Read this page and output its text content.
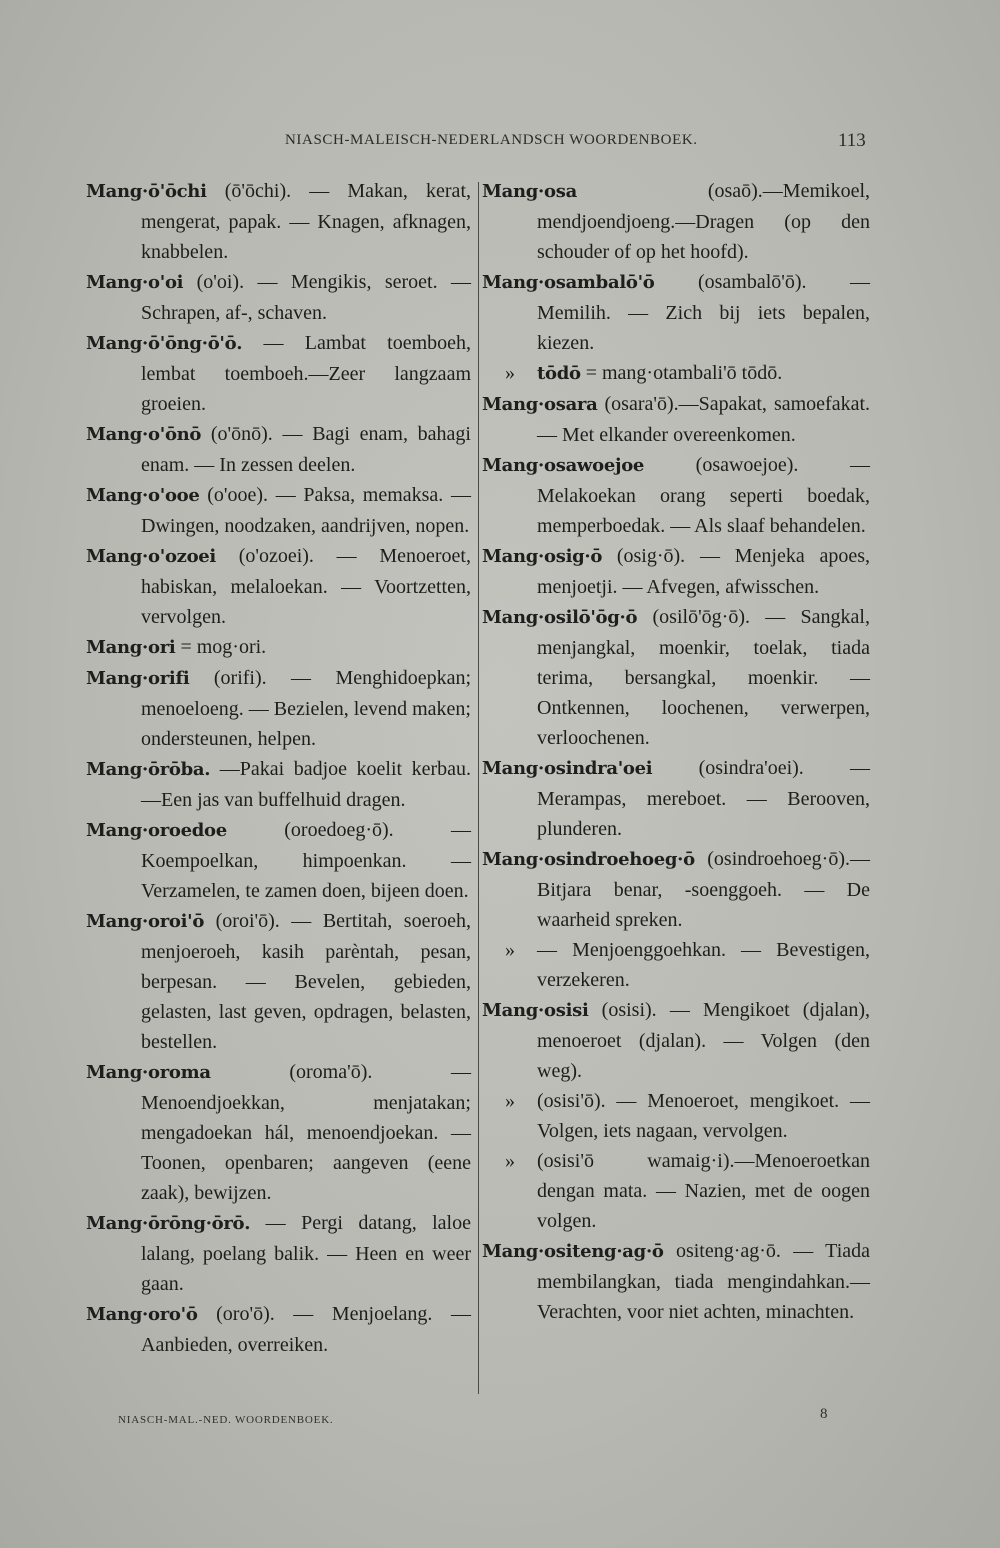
NIASCH-MALEISCH-NEDERLANDSCH WOORDENBOEK.	113

Mang·ō'ōchi (ō'ōchi). — Makan, kerat, mengerat, papak. — Knagen, afknagen, knabbelen.

Mang·o'oi (o'oi). — Mengikis, seroet. — Schrapen, af-, schaven.

Mang·ō'ōng·ō'ō. — Lambat toemboeh, lembat toemboeh.—Zeer langzaam groeien.

Mang·o'ōnō (o'ōnō). — Bagi enam, bahagi enam. — In zessen deelen.

Mang·o'ooe (o'ooe). — Paksa, memaksa. — Dwingen, noodzaken, aandrijven, nopen.

Mang·o'ozoei (o'ozoei). — Menoeroet, habiskan, melaloekan. — Voortzetten, vervolgen.

Mang·ori = mog·ori.

Mang·orifi (orifi). — Menghidoepkan; menoeloeng. — Bezielen, levend maken; ondersteunen, helpen.

Mang·ōrōba. —Pakai badjoe koelit kerbau. —Een jas van buffelhuid dragen.

Mang·oroedoe	(oroedoeg·ō). — Koempoelkan, himpoenkan. — Verzamelen, te zamen doen, bijeen doen.

Mang·oroi'ō (oroi'ō). — Bertitah, soeroeh, menjoeroeh, kasih parèntah, pesan, berpesan. — Bevelen, gebieden, gelasten, last geven, opdragen, belasten, bestellen.

Mang·oroma	(oroma'ō). — Menoendjoekkan, menjatakan; mengadoekan hál, menoendjoekan. — Toonen, openbaren; aangeven (eene zaak), bewijzen.

Mang·ōrōng·ōrō. — Pergi datang, laloe lalang, poelang balik. — Heen en weer gaan.

Mang·oro'ō (oro'ō). — Menjoelang. — Aanbieden, overreiken.

Mang·osa	(osaō).—Memikoel, mendjoendjoeng.—Dragen (op den schouder of op het hoofd).

Mang·osambalō'ō (osambalō'ō). — Memilih. — Zich bij iets bepalen, kiezen.

» tōdō = mang·otambali'ō tōdō.

Mang·osara (osara'ō).—Sapakat, samoefakat. — Met elkander overeenkomen.

Mang·osawoejoe	(osawoejoe). — Melakoekan orang seperti boedak, memperboedak. — Als slaaf behandelen.

Mang·osig·ō (osig·ō). — Menjeka apoes, menjoetji. — Afvegen, afwisschen.

Mang·osilō'ōg·ō (osilō'ōg·ō). — Sangkal, menjangkal, moenkir, toelak, tiada terima, bersangkal, moenkir. — Ontkennen, loochenen, verwerpen, verloochenen.

Mang·osindra'oei (osindra'oei). — Merampas, mereboet. — Berooven, plunderen.

Mang·osindroehoeg·ō (osindroehoeg·ō).— Bitjara benar, -soenggoeh. — De waarheid spreken.

» — Menjoenggoehkan. — Bevestigen, verzekeren.

Mang·osisi (osisi). — Mengikoet (djalan), menoeroet (djalan). — Volgen (den weg).

» (osisi'ō). — Menoeroet, mengikoet. — Volgen, iets nagaan, vervolgen.

» (osisi'ō wamaig·i).—Menoeroetkan dengan mata. — Nazien, met de oogen volgen.

Mang·ositeng·ag·ō ositeng·ag·ō. — Tiada membilangkan, tiada mengindahkan.—Verachten, voor niet achten, minachten.

NIASCH-MAL.-NED. WOORDENBOEK.	8
